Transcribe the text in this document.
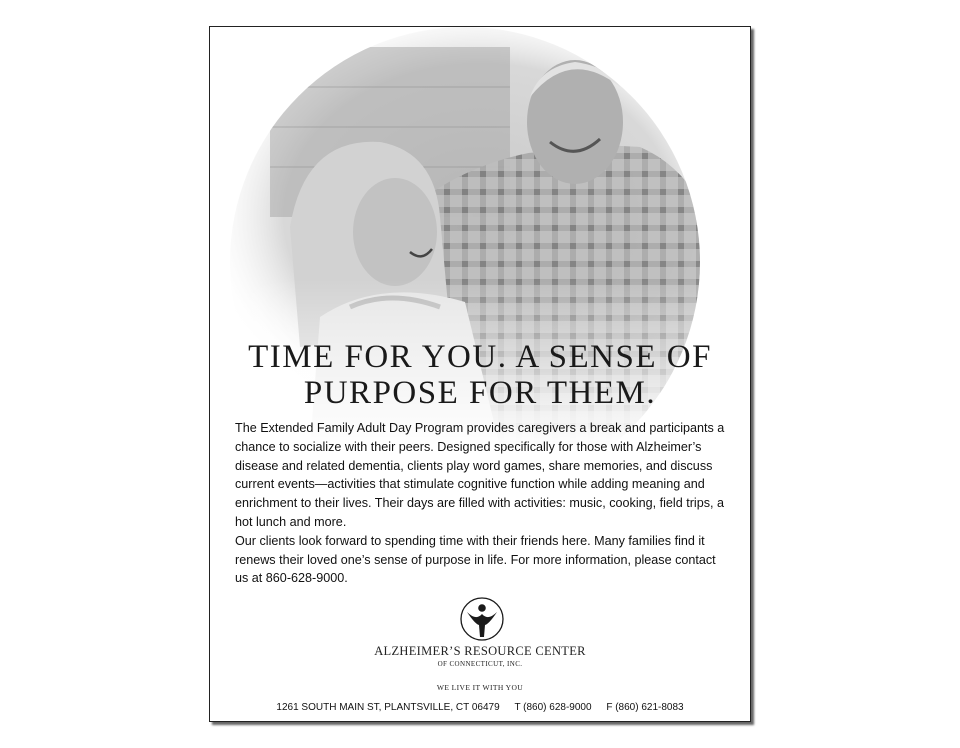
TIME FOR YOU. A SENSE OF
PURPOSE FOR THEM.

The Extended Family Adult Day Program provides caregivers a break and participants a chance to socialize with their peers. Designed specifically for those with Alzheimer’s disease and related dementia, clients play word games, share memories, and discuss current events—activities that stimulate cognitive function while adding meaning and enrichment to their lives. Their days are filled with activities: music, cooking, field trips, a hot lunch and more.

Our clients look forward to spending time with their friends here. Many families find it renews their loved one’s sense of purpose in life. For more information, please contact us at 860-628-9000.

ALZHEIMER’S RESOURCE CENTER
OF CONNECTICUT, INC.
WE LIVE IT WITH YOU
1261 SOUTH MAIN ST, PLANTSVILLE, CT 06479 T (860) 628-9000 F (860) 621-8083
